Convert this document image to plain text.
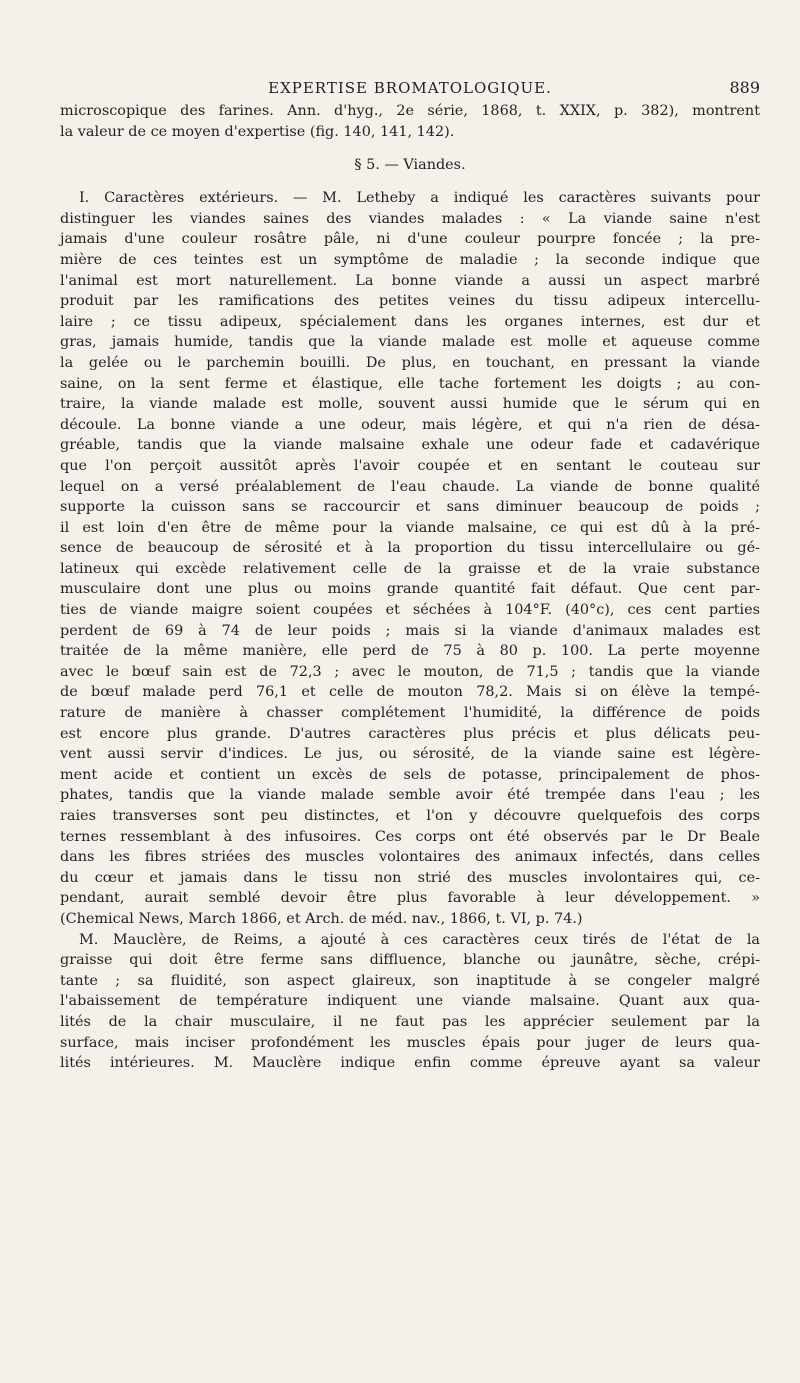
EXPERTISE BROMATOLOGIQUE.	889
microscopique des farines. Ann. d'hyg., 2e série, 1868, t. XXIX, p. 382), montrent
la valeur de ce moyen d'expertise (fig. 140, 141, 142).
§ 5. — Viandes.
I. Caractères extérieurs. — M. Letheby a indiqué les caractères suivants pour
distinguer les viandes saines des viandes malades : « La viande saine n'est
jamais d'une couleur rosâtre pâle, ni d'une couleur pourpre foncée ; la pre-
mière de ces teintes est un symptôme de maladie ; la seconde indique que
l'animal est mort naturellement. La bonne viande a aussi un aspect marbré
produit par les ramifications des petites veines du tissu adipeux intercellu-
laire ; ce tissu adipeux, spécialement dans les organes internes, est dur et
gras, jamais humide, tandis que la viande malade est molle et aqueuse comme
la gelée ou le parchemin bouilli. De plus, en touchant, en pressant la viande
saine, on la sent ferme et élastique, elle tache fortement les doigts ; au con-
traire, la viande malade est molle, souvent aussi humide que le sérum qui en
découle. La bonne viande a une odeur, mais légère, et qui n'a rien de désa-
gréable, tandis que la viande malsaine exhale une odeur fade et cadavérique
que l'on perçoit aussitôt après l'avoir coupée et en sentant le couteau sur
lequel on a versé préalablement de l'eau chaude. La viande de bonne qualité
supporte la cuisson sans se raccourcir et sans diminuer beaucoup de poids ;
il est loin d'en être de même pour la viande malsaine, ce qui est dû à la pré-
sence de beaucoup de sérosité et à la proportion du tissu intercellulaire ou gé-
latineux qui excède relativement celle de la graisse et de la vraie substance
musculaire dont une plus ou moins grande quantité fait défaut. Que cent par-
ties de viande maigre soient coupées et séchées à 104°F. (40°c), ces cent parties
perdent de 69 à 74 de leur poids ; mais si la viande d'animaux malades est
traitée de la même manière, elle perd de 75 à 80 p. 100. La perte moyenne
avec le bœuf sain est de 72,3 ; avec le mouton, de 71,5 ; tandis que la viande
de bœuf malade perd 76,1 et celle de mouton 78,2. Mais si on élève la tempé-
rature de manière à chasser complétement l'humidité, la différence de poids
est encore plus grande. D'autres caractères plus précis et plus délicats peu-
vent aussi servir d'indices. Le jus, ou sérosité, de la viande saine est légère-
ment acide et contient un excès de sels de potasse, principalement de phos-
phates, tandis que la viande malade semble avoir été trempée dans l'eau ; les
raies transverses sont peu distinctes, et l'on y découvre quelquefois des corps
ternes ressemblant à des infusoires. Ces corps ont été observés par le Dr Beale
dans les fibres striées des muscles volontaires des animaux infectés, dans celles
du cœur et jamais dans le tissu non strié des muscles involontaires qui, ce-
pendant, aurait semblé devoir être plus favorable à leur développement. »
(Chemical News, March 1866, et Arch. de méd. nav., 1866, t. VI, p. 74.)
M. Mauclère, de Reims, a ajouté à ces caractères ceux tirés de l'état de la
graisse qui doit être ferme sans diffluence, blanche ou jaunâtre, sèche, crépi-
tante ; sa fluidité, son aspect glaireux, son inaptitude à se congeler malgré
l'abaissement de température indiquent une viande malsaine. Quant aux qua-
lités de la chair musculaire, il ne faut pas les apprécier seulement par la
surface, mais inciser profondément les muscles épais pour juger de leurs qua-
lités intérieures. M. Mauclère indique enfin comme épreuve ayant sa valeur
